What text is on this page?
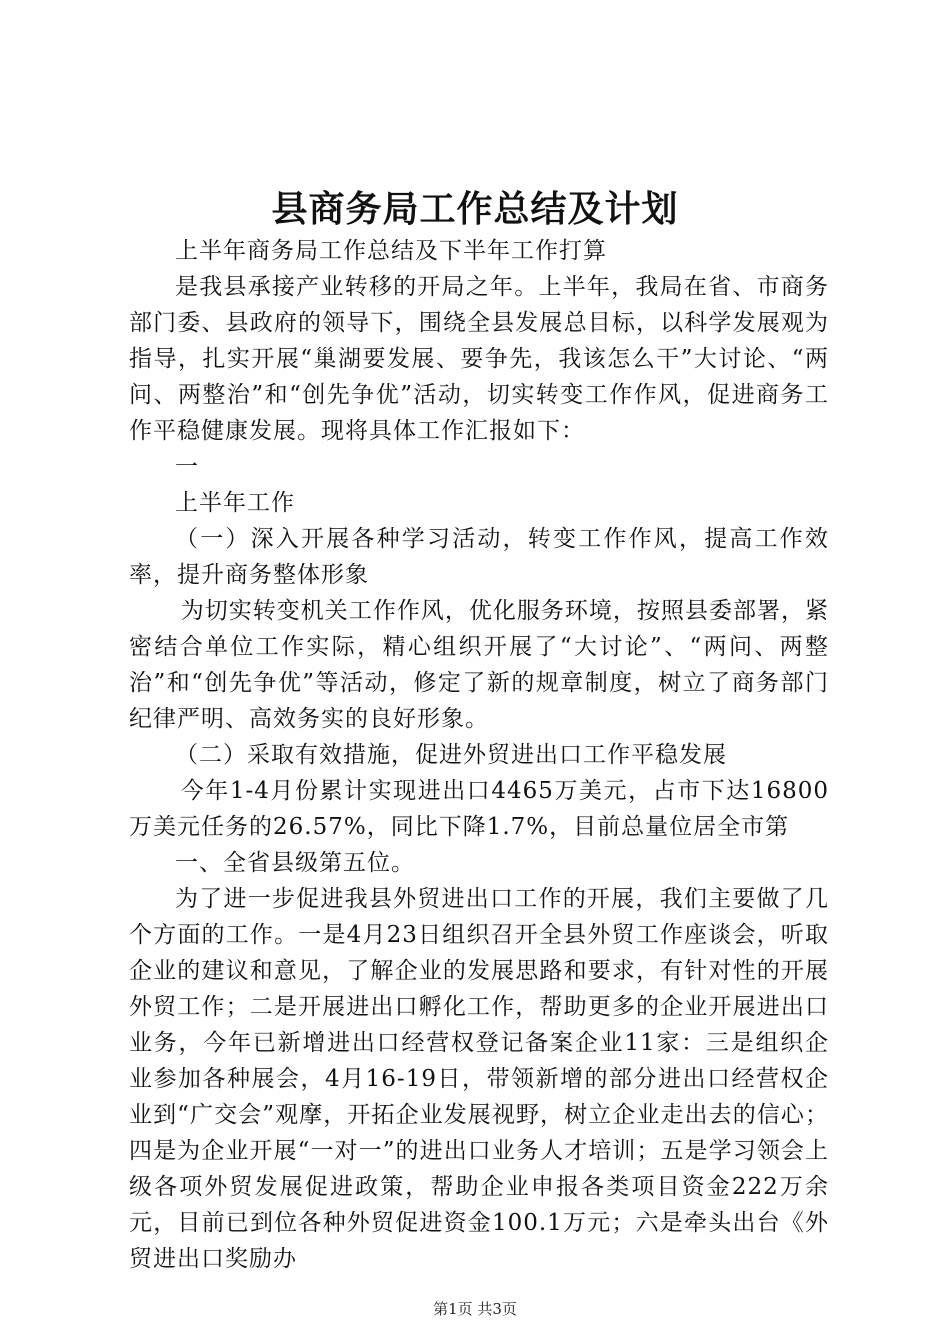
县商务局工作总结及计划

上半年商务局工作总结及下半年工作打算

是我县承接产业转移的开局之年。上半年，我局在省、市商务部门委、县政府的领导下，围绕全县发展总目标，以科学发展观为指导，扎实开展“巢湖要发展、要争先，我该怎么干”大讨论、“两问、两整治”和“创先争优”活动，切实转变工作作风，促进商务工作平稳健康发展。现将具体工作汇报如下：

一

上半年工作

（一）深入开展各种学习活动，转变工作作风，提高工作效率，提升商务整体形象

为切实转变机关工作作风，优化服务环境，按照县委部署，紧密结合单位工作实际，精心组织开展了“大讨论”、“两问、两整治”和“创先争优”等活动，修定了新的规章制度，树立了商务部门纪律严明、高效务实的良好形象。

（二）采取有效措施，促进外贸进出口工作平稳发展

今年1-4月份累计实现进出口4465万美元，占市下达16800万美元任务的26.57%，同比下降1.7%，目前总量位居全市第

一、全省县级第五位。

为了进一步促进我县外贸进出口工作的开展，我们主要做了几个方面的工作。一是4月23日组织召开全县外贸工作座谈会，听取企业的建议和意见，了解企业的发展思路和要求，有针对性的开展外贸工作；二是开展进出口孵化工作，帮助更多的企业开展进出口业务，今年已新增进出口经营权登记备案企业11家：三是组织企业参加各种展会，4月16-19日，带领新增的部分进出口经营权企业到“广交会”观摩，开拓企业发展视野，树立企业走出去的信心；四是为企业开展“一对一”的进出口业务人才培训；五是学习领会上级各项外贸发展促进政策，帮助企业申报各类项目资金222万余元，目前已到位各种外贸促进资金100.1万元；六是牵头出台《外贸进出口奖励办

第1页 共3页
